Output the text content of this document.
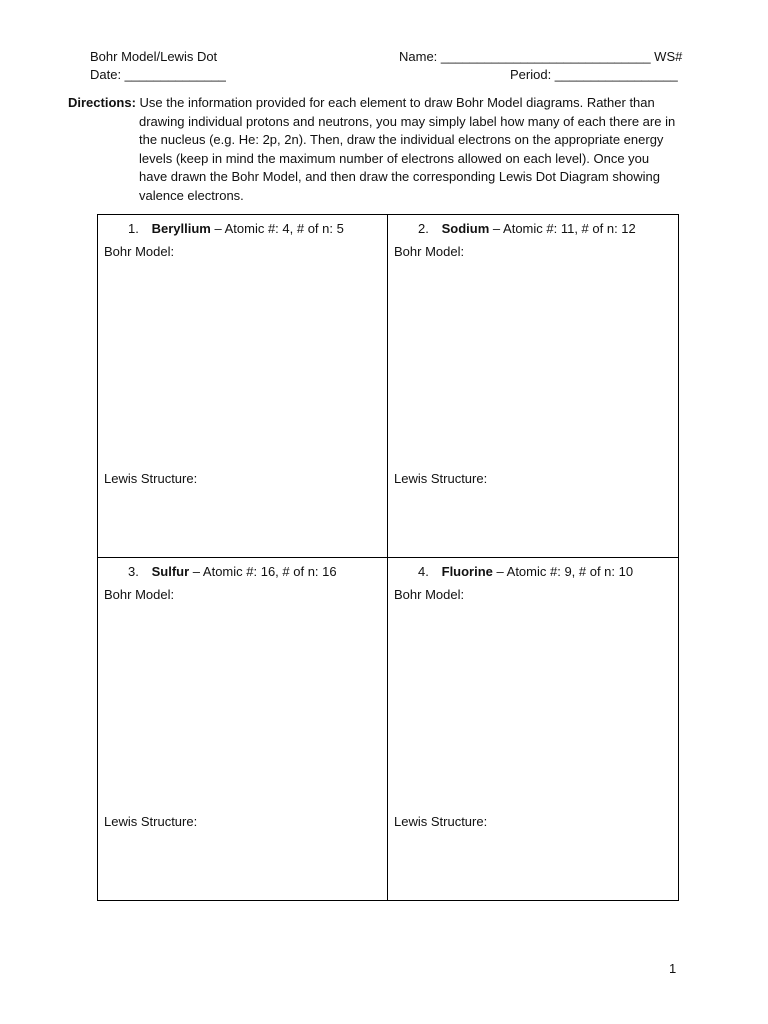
Bohr Model/Lewis Dot	Name: _____________________________ WS#
Date: ______________	Period: _________________
Directions: Use the information provided for each element to draw Bohr Model diagrams. Rather than drawing individual protons and neutrons, you may simply label how many of each there are in the nucleus (e.g. He: 2p, 2n). Then, draw the individual electrons on the appropriate energy levels (keep in mind the maximum number of electrons allowed on each level). Once you have drawn the Bohr Model, and then draw the corresponding Lewis Dot Diagram showing valence electrons.
1. Beryllium – Atomic #: 4, # of n: 5
Bohr Model:
Lewis Structure:
2. Sodium – Atomic #: 11, # of n: 12
Bohr Model:
Lewis Structure:
3. Sulfur – Atomic #: 16, # of n: 16
Bohr Model:
Lewis Structure:
4. Fluorine – Atomic #: 9, # of n: 10
Bohr Model:
Lewis Structure:
1
